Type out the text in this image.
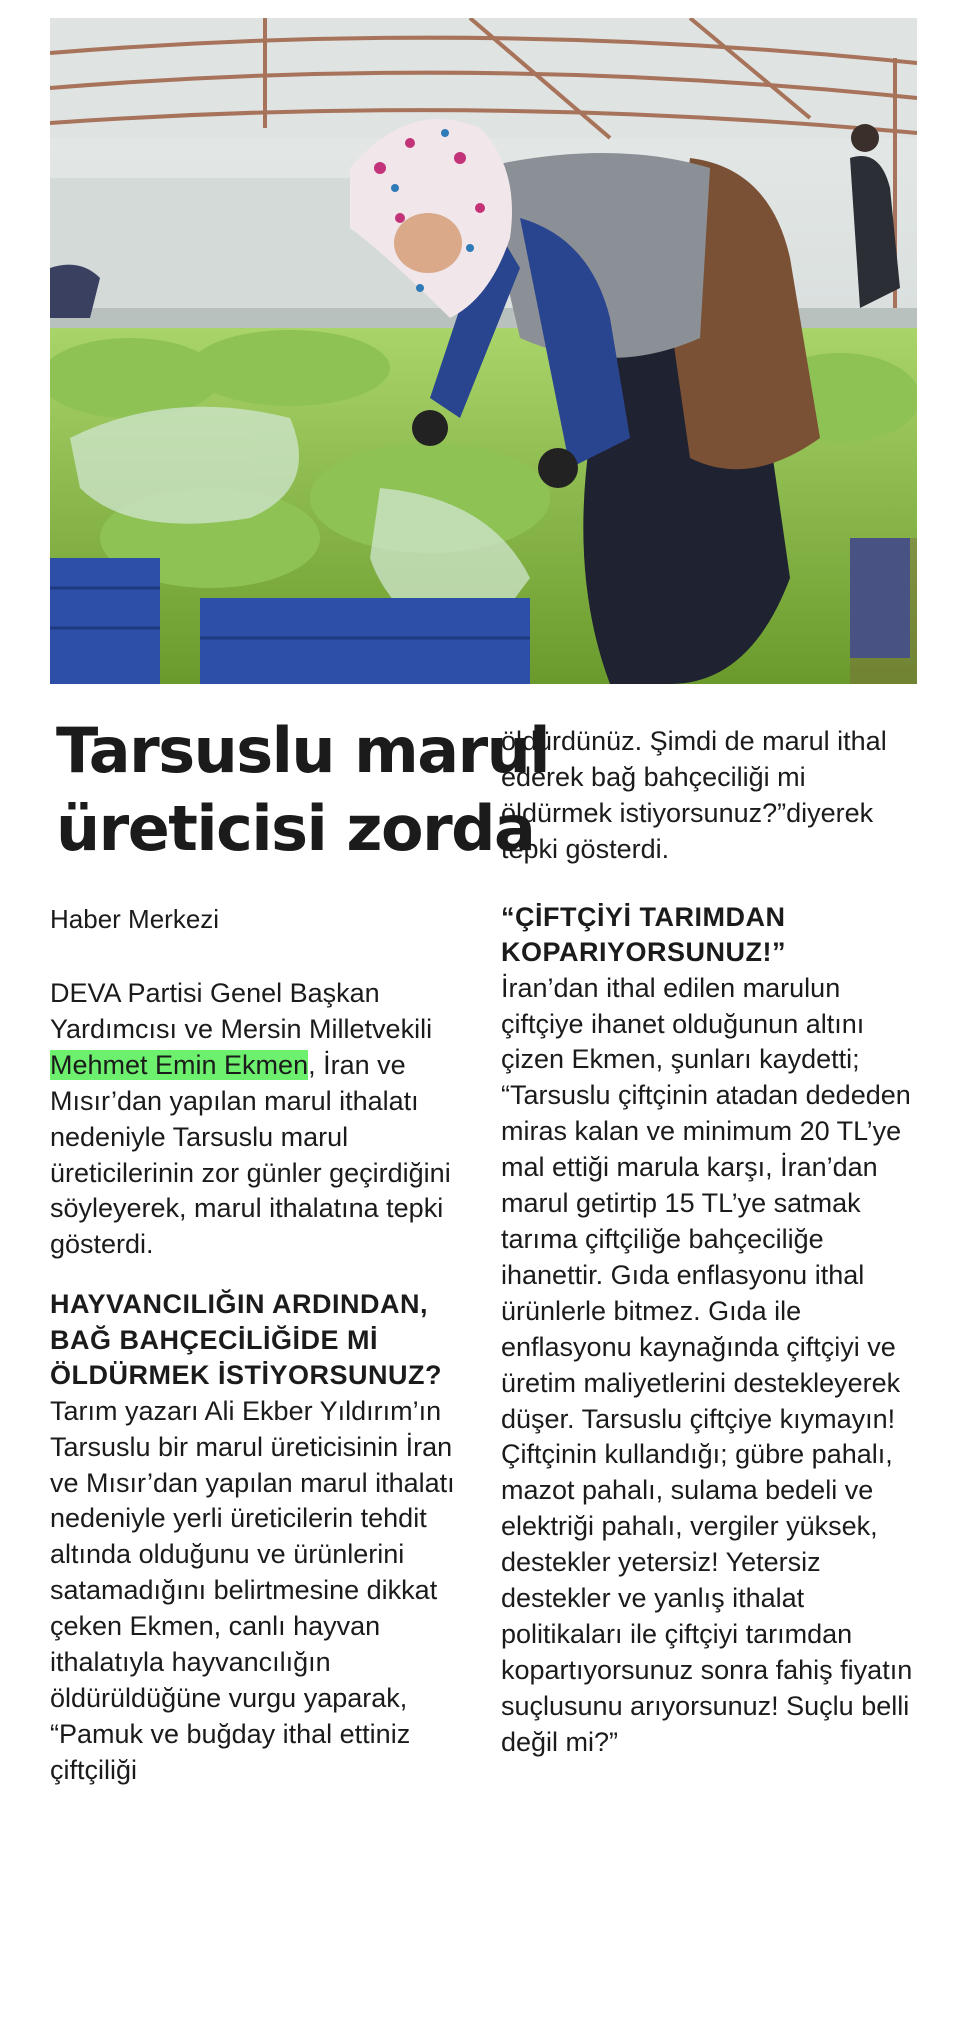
Tarsuslu marul
üreticisi zorda
Haber Merkezi

DEVA Partisi Genel Başkan Yardımcısı ve Mersin Milletvekili Mehmet Emin Ekmen, İran ve Mısır’dan yapılan marul ithalatı nedeniyle Tarsuslu marul üreticilerinin zor günler geçirdiğini söyleyerek, marul ithalatına tepki gösterdi.

HAYVANCILIĞIN ARDINDAN, BAĞ BAHÇECİLİĞİDE Mİ ÖLDÜRMEK İSTİYORSUNUZ?

Tarım yazarı Ali Ekber Yıldırım’ın Tarsuslu bir marul üreticisinin İran ve Mısır’dan yapılan marul ithalatı nedeniyle yerli üreticilerin tehdit altında olduğunu ve ürünlerini satamadığını belirtmesine dikkat çeken Ekmen, canlı hayvan ithalatıyla hayvancılığın öldürüldüğüne vurgu yaparak, “Pamuk ve buğday ithal ettiniz çiftçiliği

öldürdünüz. Şimdi de marul ithal ederek bağ bahçeciliği mi öldürmek istiyorsunuz?”diyerek tepki gösterdi.

“ÇİFTÇİYİ TARIMDAN KOPARIYORSUNUZ!”

İran’dan ithal edilen marulun çiftçiye ihanet olduğunun altını çizen Ekmen, şunları kaydetti; “Tarsuslu çiftçinin atadan dededen miras kalan ve minimum 20 TL’ye mal ettiği marula karşı, İran’dan marul getirtip 15 TL’ye satmak tarıma çiftçiliğe bahçeciliğe ihanettir. Gıda enflasyonu ithal ürünlerle bitmez. Gıda ile enflasyonu kaynağında çiftçiyi ve üretim maliyetlerini destekleyerek düşer. Tarsuslu çiftçiye kıymayın! Çiftçinin kullandığı; gübre pahalı, mazot pahalı, sulama bedeli ve elektriği pahalı, vergiler yüksek, destekler yetersiz! Yetersiz destekler ve yanlış ithalat politikaları ile çiftçiyi tarımdan kopartıyorsunuz sonra fahiş fiyatın suçlusunu arıyorsunuz! Suçlu belli değil mi?”
